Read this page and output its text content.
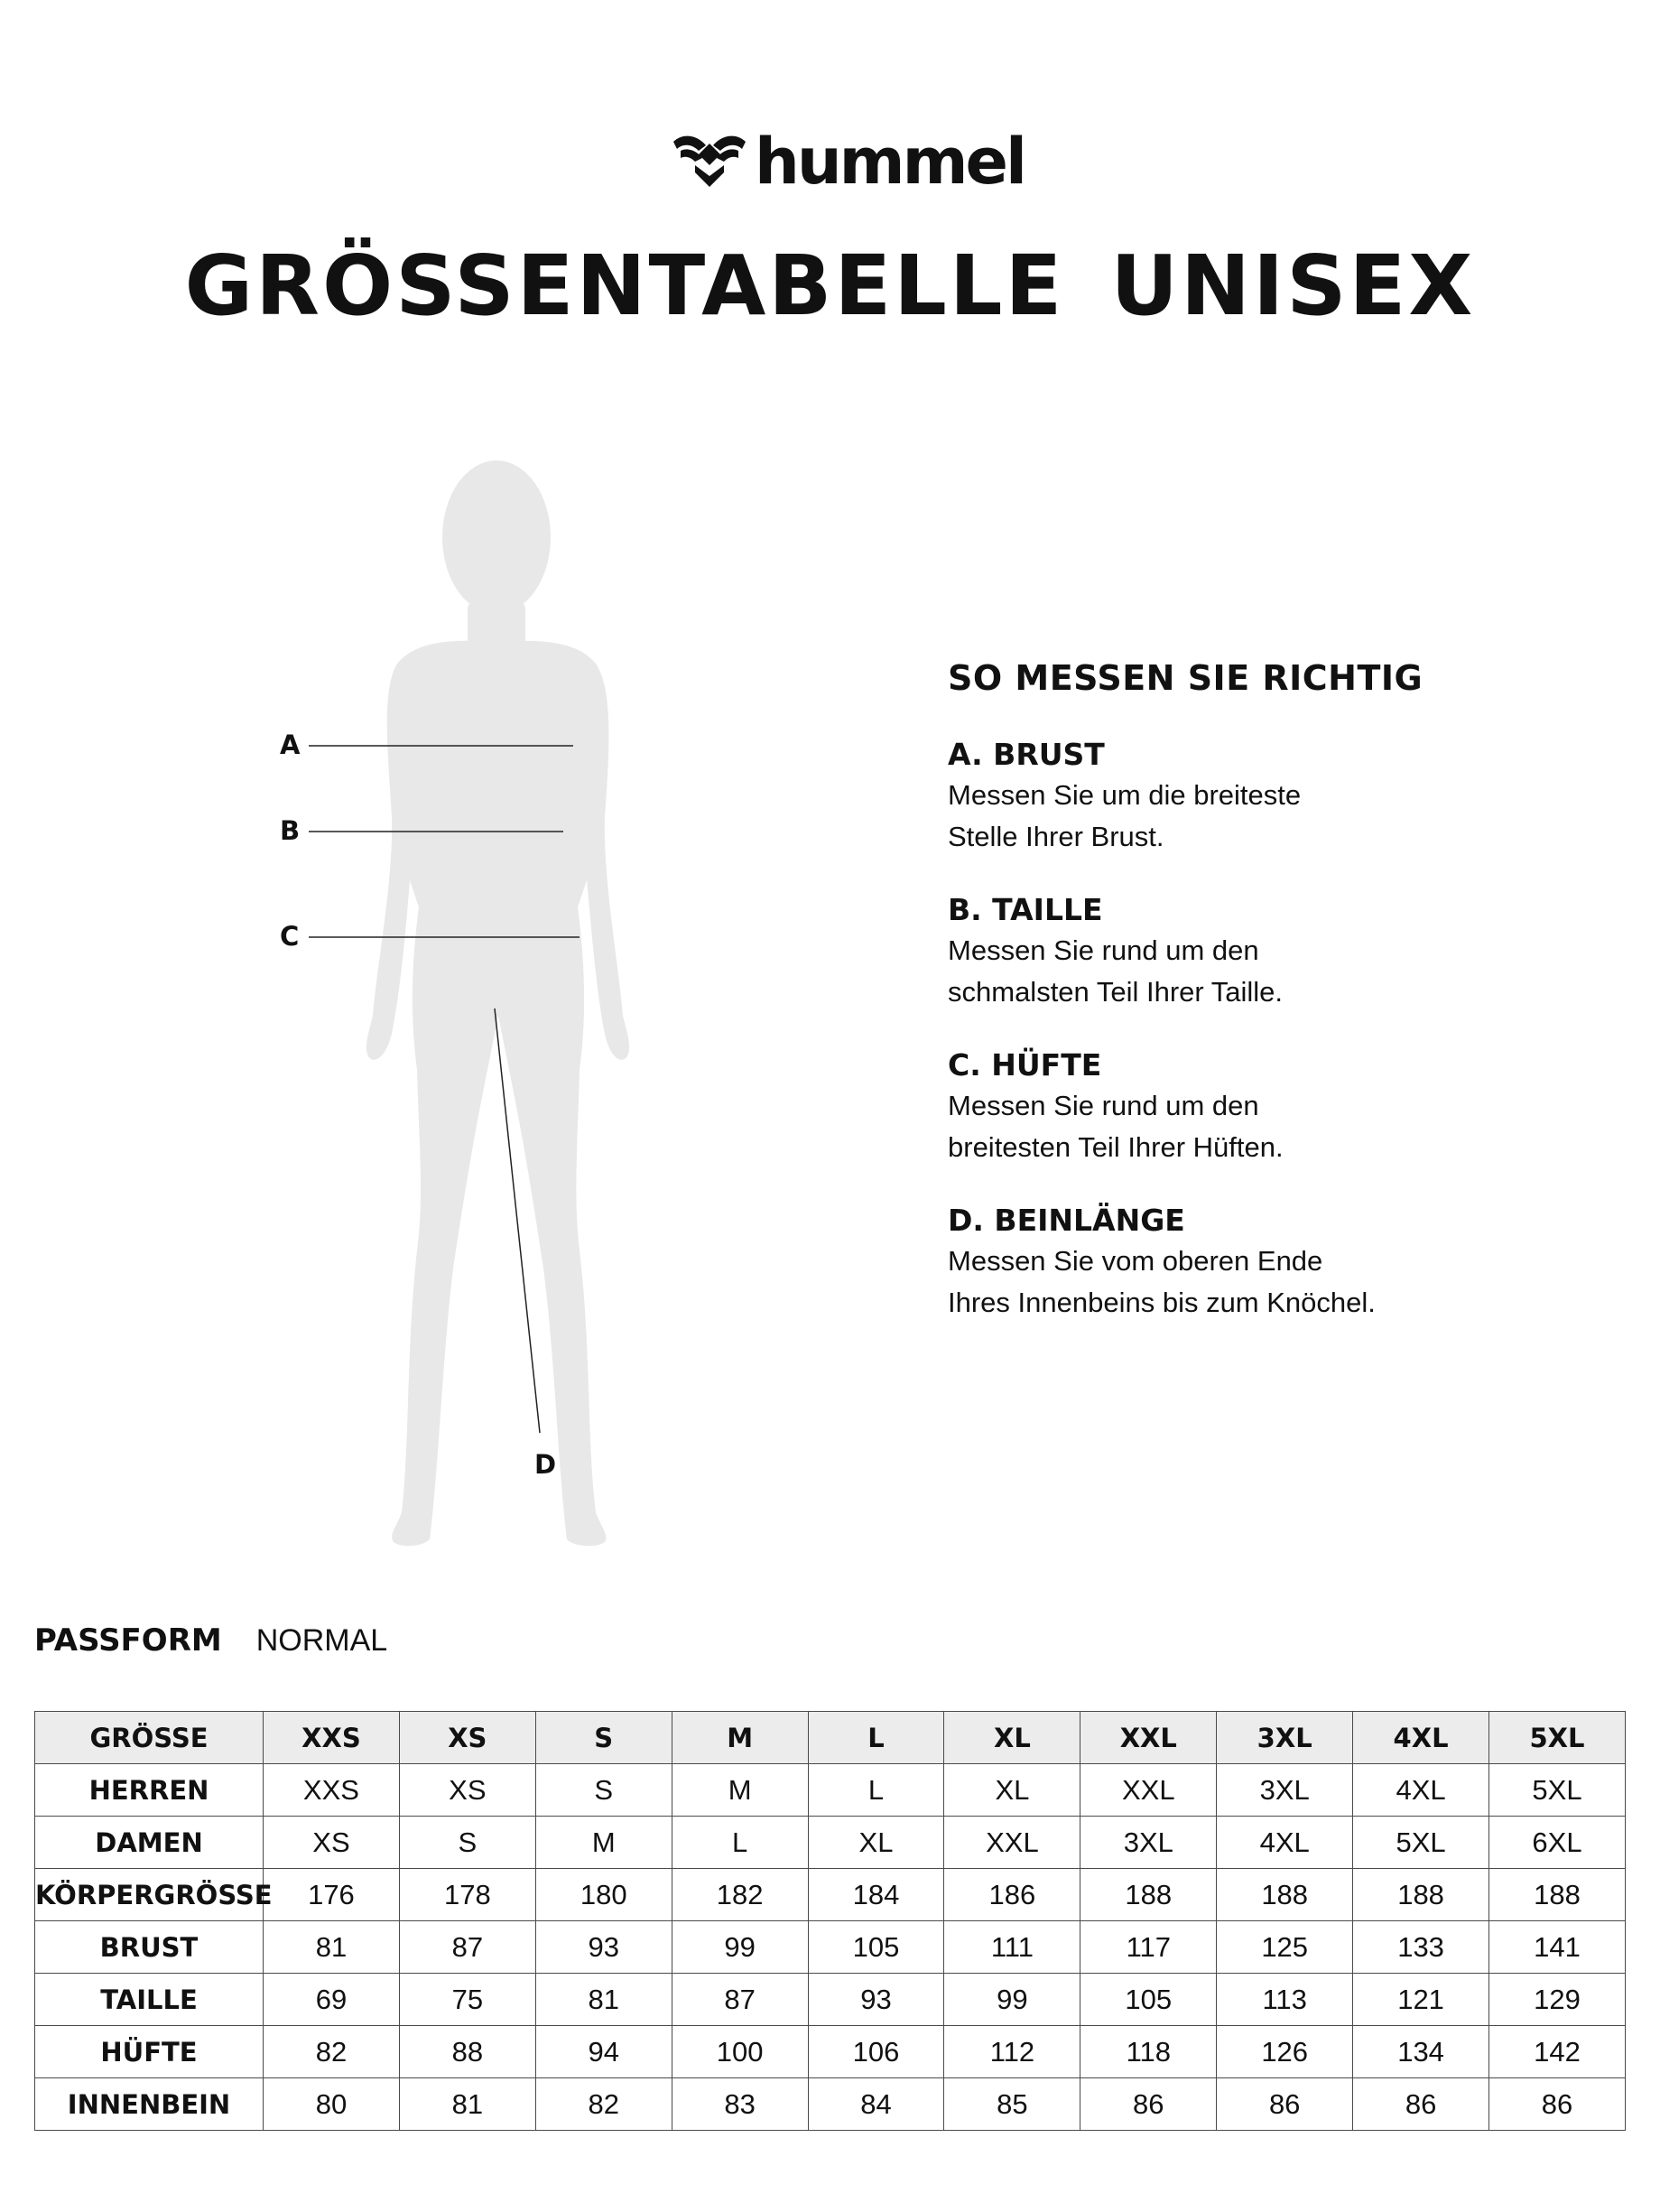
hummel
GRÖSSENTABELLE UNISEX
A
B
C
D
SO MESSEN SIE RICHTIG
A. BRUST
Messen Sie um die breiteste
Stelle Ihrer Brust.
B. TAILLE
Messen Sie rund um den
schmalsten Teil Ihrer Taille.
C. HÜFTE
Messen Sie rund um den
breitesten Teil Ihrer Hüften.
D. BEINLÄNGE
Messen Sie vom oberen Ende
Ihres Innenbeins bis zum Knöchel.
PASSFORM NORMAL
GRÖSSE	XXS	XS	S	M	L	XL	XXL	3XL	4XL	5XL
HERREN	XXS	XS	S	M	L	XL	XXL	3XL	4XL	5XL
DAMEN	XS	S	M	L	XL	XXL	3XL	4XL	5XL	6XL
KÖRPERGRÖSSE	176	178	180	182	184	186	188	188	188	188
BRUST	81	87	93	99	105	111	117	125	133	141
TAILLE	69	75	81	87	93	99	105	113	121	129
HÜFTE	82	88	94	100	106	112	118	126	134	142
INNENBEIN	80	81	82	83	84	85	86	86	86	86
